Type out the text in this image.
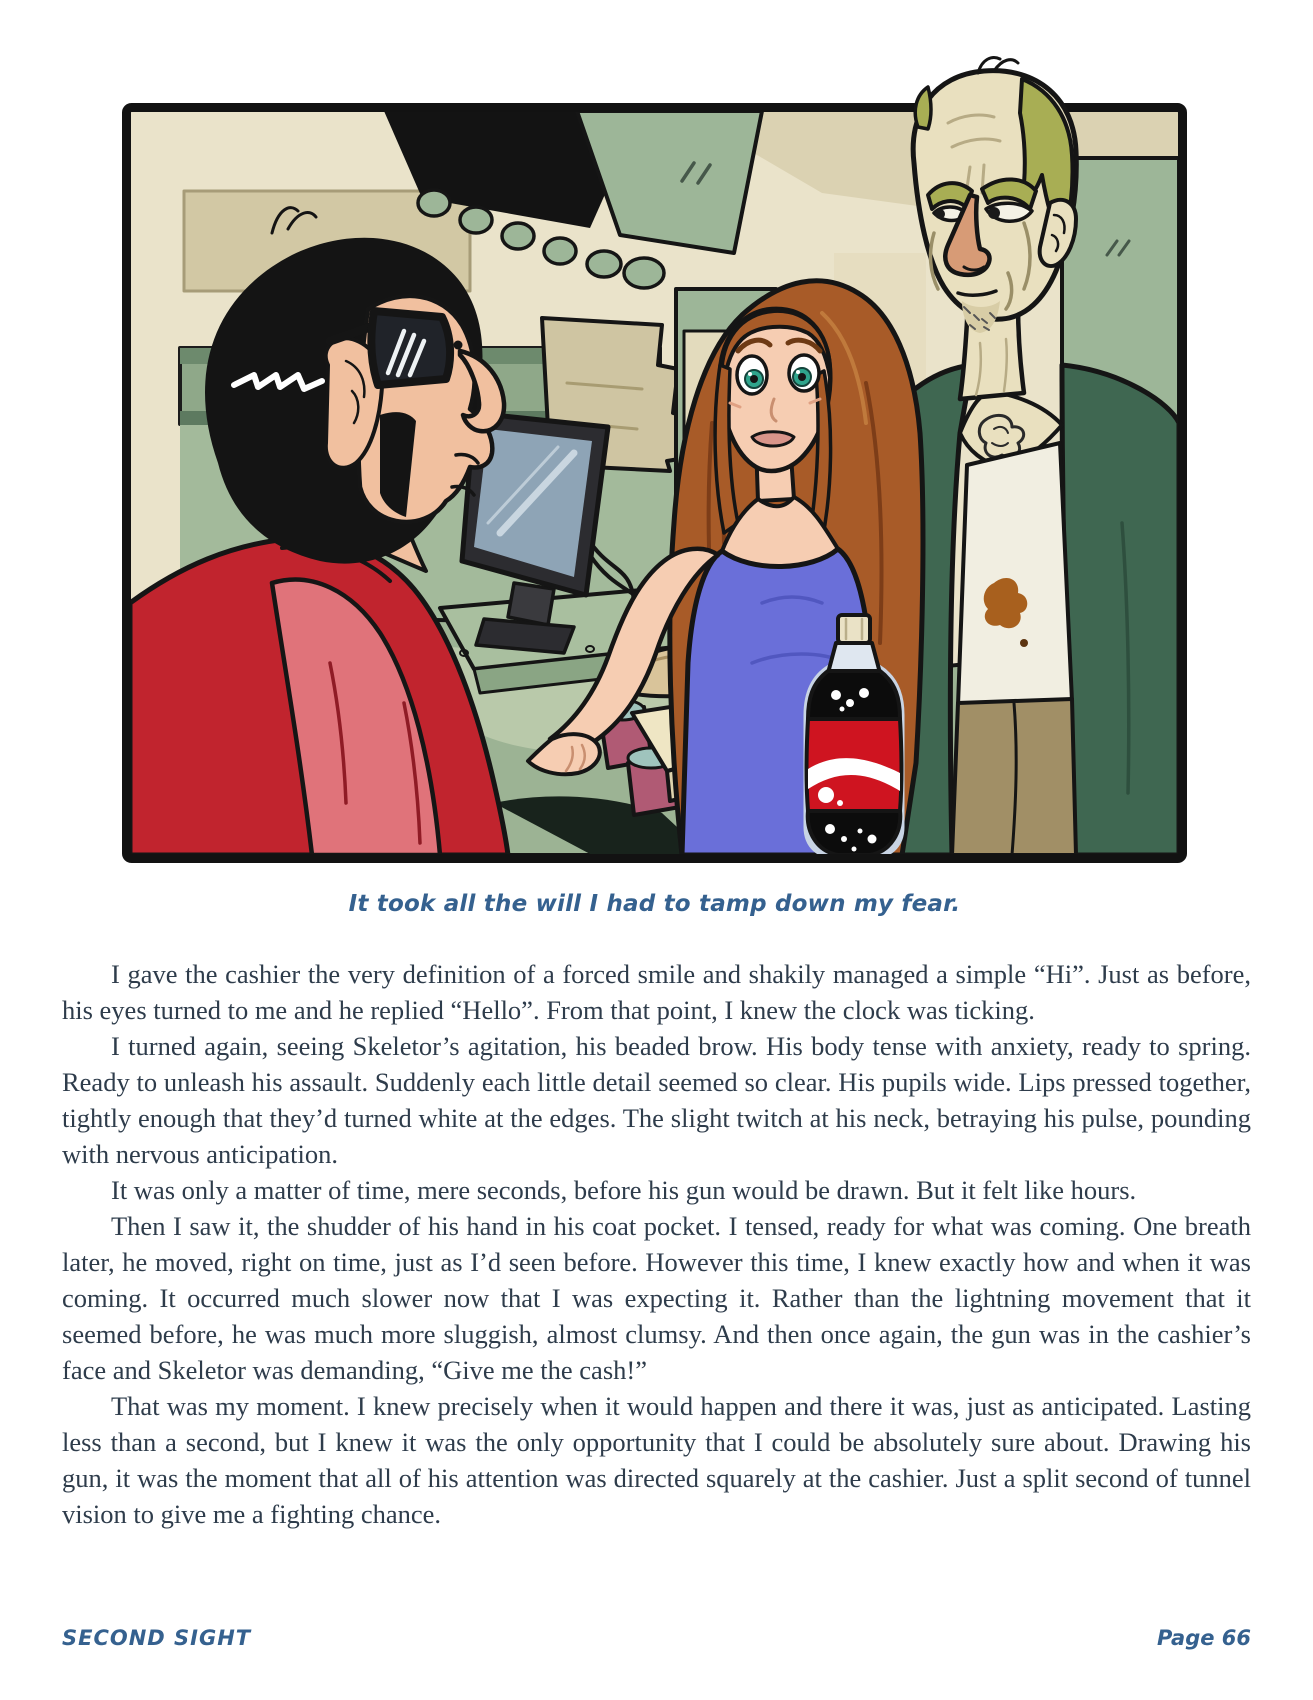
It took all the will I had to tamp down my fear.

I gave the cashier the very definition of a forced smile and shakily managed a simple “Hi”. Just as before, his eyes turned to me and he replied “Hello”. From that point, I knew the clock was ticking.

I turned again, seeing Skeletor’s agitation, his beaded brow. His body tense with anxiety, ready to spring. Ready to unleash his assault. Suddenly each little detail seemed so clear. His pupils wide. Lips pressed together, tightly enough that they’d turned white at the edges. The slight twitch at his neck, betraying his pulse, pounding with nervous anticipation.

It was only a matter of time, mere seconds, before his gun would be drawn. But it felt like hours.

Then I saw it, the shudder of his hand in his coat pocket. I tensed, ready for what was coming. One breath later, he moved, right on time, just as I’d seen before. However this time, I knew exactly how and when it was coming. It occurred much slower now that I was expecting it. Rather than the lightning movement that it seemed before, he was much more sluggish, almost clumsy. And then once again, the gun was in the cashier’s face and Skeletor was demanding, “Give me the cash!”

That was my moment. I knew precisely when it would happen and there it was, just as anticipated. Lasting less than a second, but I knew it was the only opportunity that I could be absolutely sure about. Drawing his gun, it was the moment that all of his attention was directed squarely at the cashier. Just a split second of tunnel vision to give me a fighting chance.

SECOND SIGHT	Page 66
